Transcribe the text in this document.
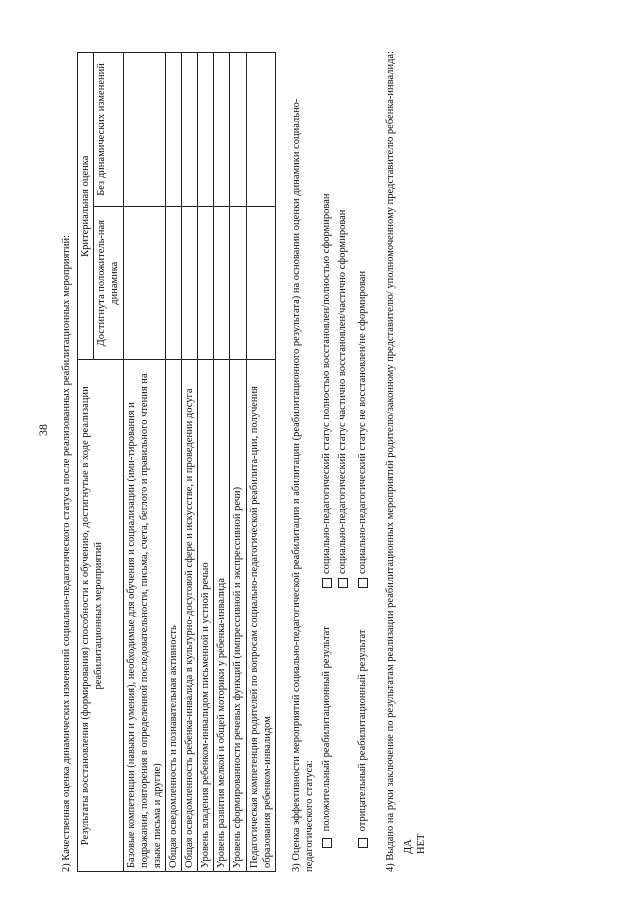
38 2) Качественная оценка динамических изменений социально-педагогического статуса после реализованных реабилитационных мероприятий: Результаты восстановления (формирования) способности к обучению, достигнутые в ходе реализации реабилитационных мероприятий	Критериальная оценка	
	Достигнута положитель-ная динамика	Без динамических изменений
Базовые компетенции (навыки и умения), необходимые для обучения и социализации (ими-тирования и подражания, повторения в определенной последовательности, письма, счета, беглого и правильного чтения на языке письма и другие)		
Общая осведомленность и познавательная активность		
Общая осведомленность ребенка-инвалида в культурно-досуговой сфере и искусстве, и проведении досуга		
Уровень владения ребенком-инвалидом письменной и устной речью		
Уровень развития мелкой и общей моторики у ребенка-инвалида		
Уровень сформированности речевых функций (импрессивной и экспрессивной речи)		
Педагогическая компетенция родителей по вопросам социально-педагогической реабилита-ции, получения образования ребенком-инвалидом		3) Оценка эффективности мероприятий социально-педагогической реабилитации и абилитации (реабилитационного результата) на основании оценки динамики социально-педагогического статуса: положительный реабилитационный результат
социально-педагогический статус полностью восстановлен/полностью сформирован социально-педагогический статус частично восстановлен/частично сформирован
отрицательный реабилитационный результат
социально-педагогический статус не восстановлен/не сформирован 4) Выдано на руки заключение по результатам реализации реабилитационных мероприятий родителю/законному представителю/ уполномоченному представителю ребенка-инвалида: ДА НЕТ
